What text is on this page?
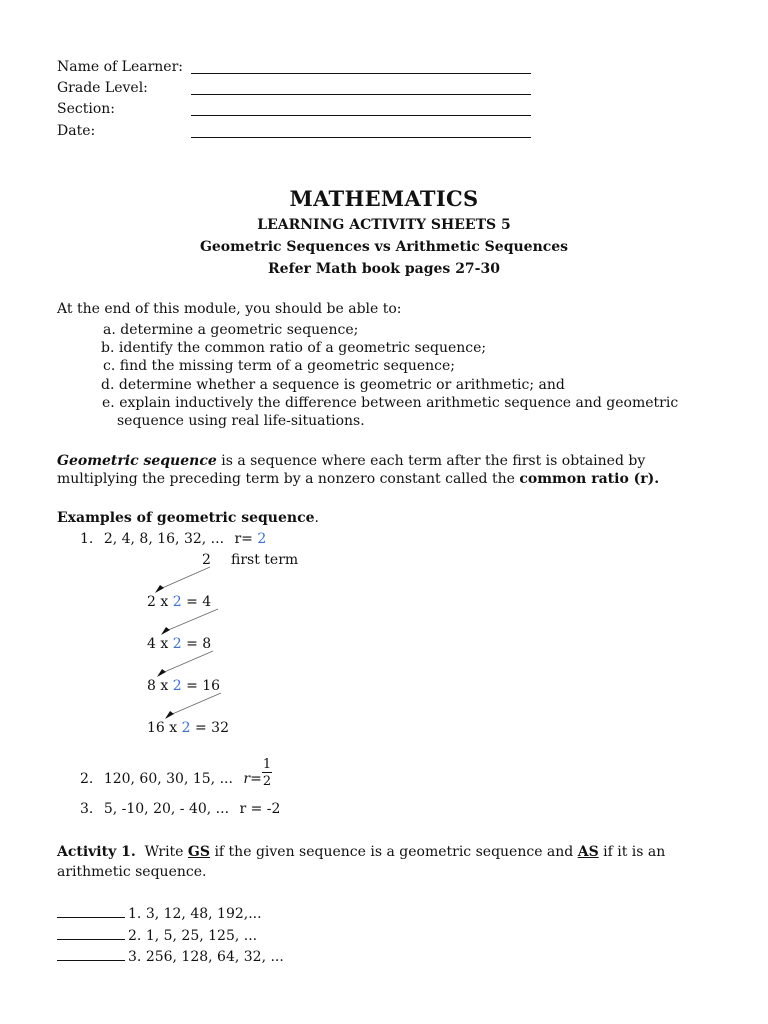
Name of Learner:
Grade Level:
Section:
Date:
MATHEMATICS
LEARNING ACTIVITY SHEETS 5
Geometric Sequences vs Arithmetic Sequences
Refer Math book pages 27-30
At the end of this module, you should be able to:
a. determine a geometric sequence;
b. identify the common ratio of a geometric sequence;
c. find the missing term of a geometric sequence;
d. determine whether a sequence is geometric or arithmetic; and
e. explain inductively the difference between arithmetic sequence and geometric
sequence using real life-situations.
Geometric sequence is a sequence where each term after the first is obtained by
multiplying the preceding term by a nonzero constant called the common ratio (r).
Examples of geometric sequence.
1. 2, 4, 8, 16, 32, ... r= 2
2 first term
2 x 2 = 4
4 x 2 = 8
8 x 2 = 16
16 x 2 = 32
2. 120, 60, 30, 15, ... $r= \frac{1}{2}$
3. 5, -10, 20, - 40, ... r = -2
Activity 1. Write GS if the given sequence is a geometric sequence and AS if it is an
arithmetic sequence.
1. 3, 12, 48, 192,...
2. 1, 5, 25, 125, ...
3. 256, 128, 64, 32, ...
